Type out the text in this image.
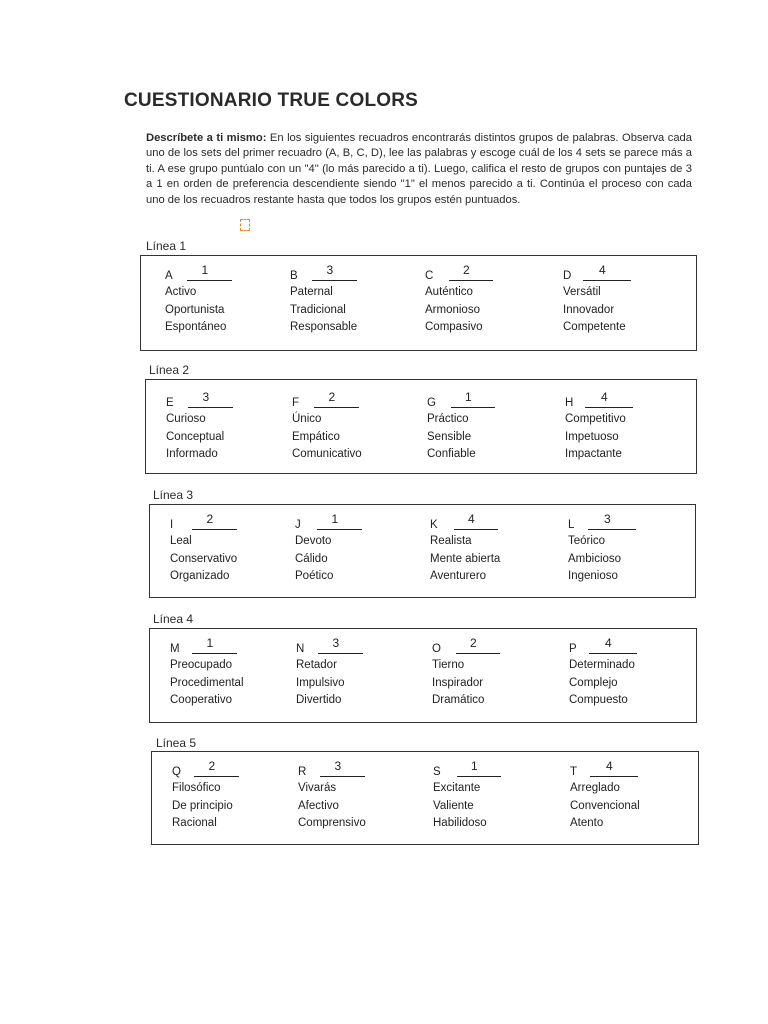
CUESTIONARIO TRUE COLORS
Descríbete a ti mismo: En los siguientes recuadros encontrarás distintos grupos de palabras. Observa cada uno de los sets del primer recuadro (A, B, C, D), lee las palabras y escoge cuál de los 4 sets se parece más a ti. A ese grupo puntúalo con un "4" (lo más parecido a ti). Luego, califica el resto de grupos con puntajes de 3 a 1 en orden de preferencia descendiente siendo "1" el menos parecido a ti. Continúa el proceso con cada uno de los recuadros restante hasta que todos los grupos estén puntuados.
Línea 1
A 1
Activo
Oportunista
Espontáneo
B 3
Paternal
Tradicional
Responsable
C 2
Auténtico
Armonioso
Compasivo
D 4
Versátil
Innovador
Competente
Línea 2
E 3
Curioso
Conceptual
Informado
F 2
Único
Empático
Comunicativo
G 1
Práctico
Sensible
Confiable
H 4
Competitivo
Impetuoso
Impactante
Línea 3
I	2
Leal
Conservativo
Organizado
J	1
Devoto
Cálido
Poético
K	4
Realista
Mente abierta
Aventurero
L 3
Teórico
Ambicioso
Ingenioso
Línea 4
M 1
Preocupado
Procedimental
Cooperativo
N 3
Retador
Impulsivo
Divertido
O 2
Tierno
Inspirador
Dramático
P 4
Determinado
Complejo
Compuesto
Línea 5
Q 2
Filosófico
De principio
Racional
R 3
Vivarás
Afectivo
Comprensivo
S	1
Excitante
Valiente
Habilidoso
T 4
Arreglado
Convencional
Atento
